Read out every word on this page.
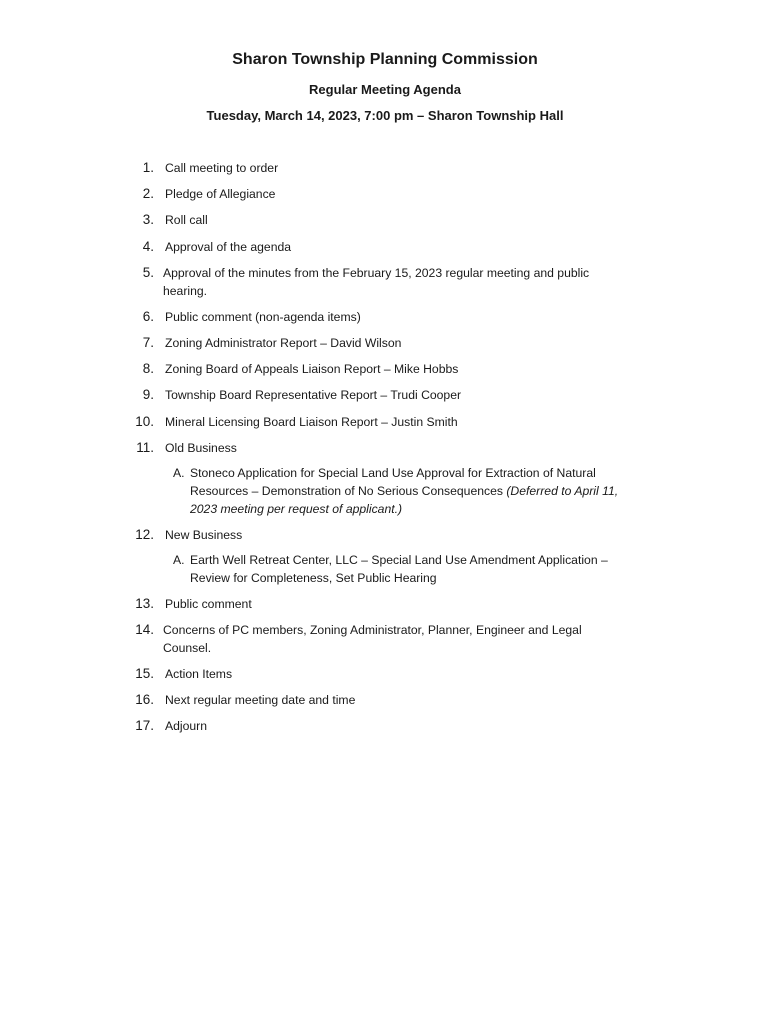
Sharon Township Planning Commission
Regular Meeting Agenda
Tuesday, March 14, 2023, 7:00 pm – Sharon Township Hall
1. Call meeting to order
2. Pledge of Allegiance
3. Roll call
4. Approval of the agenda
5. Approval of the minutes from the February 15, 2023 regular meeting and public hearing.
6. Public comment (non-agenda items)
7. Zoning Administrator Report – David Wilson
8. Zoning Board of Appeals Liaison Report – Mike Hobbs
9. Township Board Representative Report – Trudi Cooper
10. Mineral Licensing Board Liaison Report – Justin Smith
11. Old Business
A. Stoneco Application for Special Land Use Approval for Extraction of Natural Resources – Demonstration of No Serious Consequences (Deferred to April 11, 2023 meeting per request of applicant.)
12. New Business
A. Earth Well Retreat Center, LLC – Special Land Use Amendment Application – Review for Completeness, Set Public Hearing
13. Public comment
14. Concerns of PC members, Zoning Administrator, Planner, Engineer and Legal Counsel.
15. Action Items
16. Next regular meeting date and time
17. Adjourn
